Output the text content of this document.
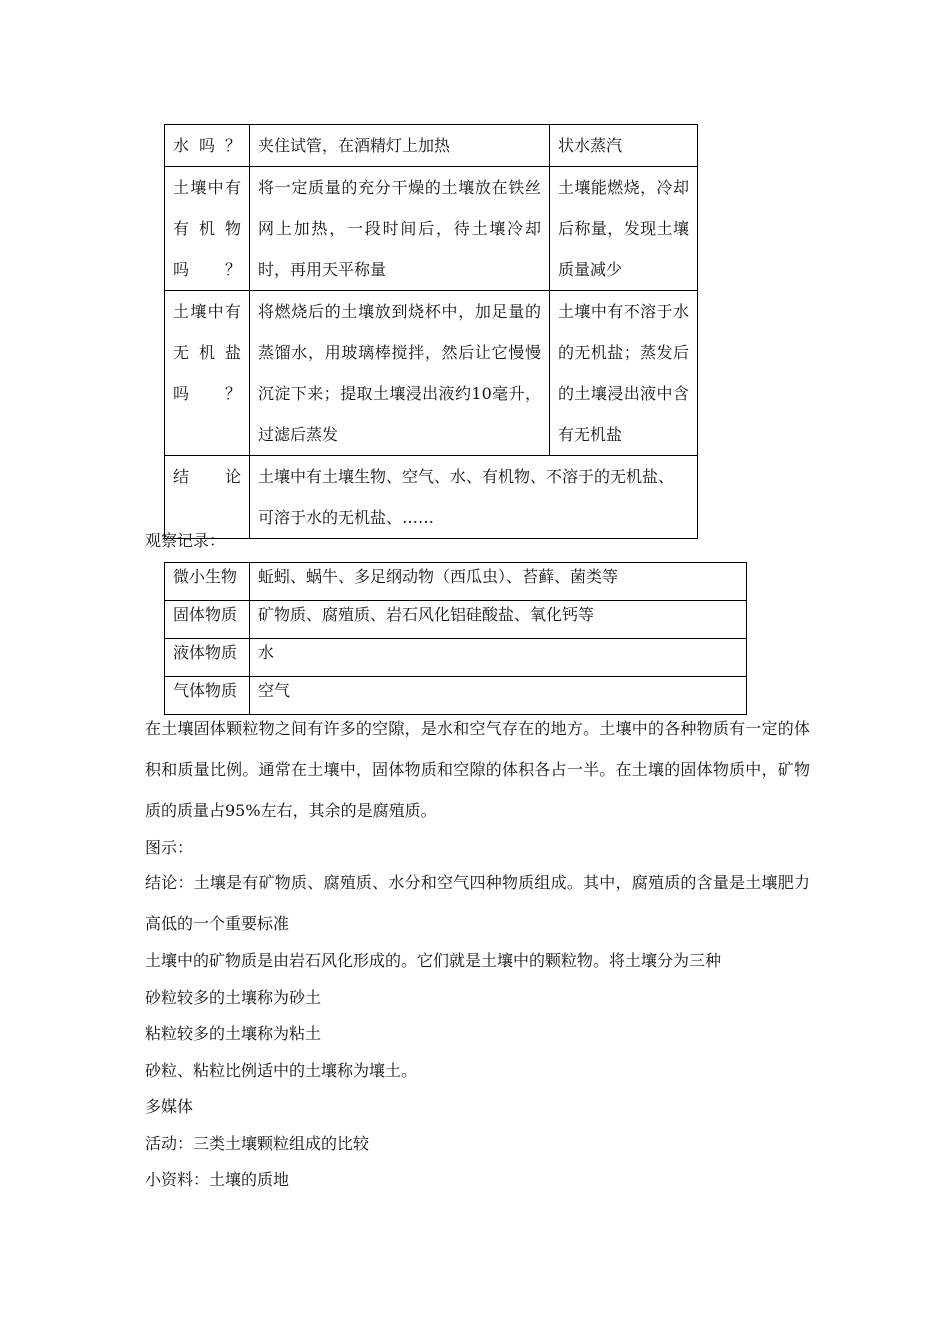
水吗？	夹住试管，在酒精灯上加热	状水蒸汽
土壤中有有机物吗？	将一定质量的充分干燥的土壤放在铁丝网上加热，一段时间后，待土壤冷却时，再用天平称量	土壤能燃烧，冷却后称量，发现土壤质量减少
土壤中有无机盐吗？	将燃烧后的土壤放到烧杯中，加足量的蒸馏水，用玻璃棒搅拌，然后让它慢慢沉淀下来；提取土壤浸出液约10毫升，过滤后蒸发	土壤中有不溶于水的无机盐；蒸发后的土壤浸出液中含有无机盐
结　论	土壤中有土壤生物、空气、水、有机物、不溶于的无机盐、可溶于水的无机盐、……	
观察记录：
微小生物	蚯蚓、蜗牛、多足纲动物（西瓜虫）、苔藓、菌类等
固体物质	矿物质、腐殖质、岩石风化铝硅酸盐、氧化钙等
液体物质	水
气体物质	空气
在土壤固体颗粒物之间有许多的空隙，是水和空气存在的地方。土壤中的各种物质有一定的体积和质量比例。通常在土壤中，固体物质和空隙的体积各占一半。在土壤的固体物质中，矿物质的质量占95%左右，其余的是腐殖质。
图示：
结论：土壤是有矿物质、腐殖质、水分和空气四种物质组成。其中，腐殖质的含量是土壤肥力高低的一个重要标准
土壤中的矿物质是由岩石风化形成的。它们就是土壤中的颗粒物。将土壤分为三种
砂粒较多的土壤称为砂土
粘粒较多的土壤称为粘土
砂粒、粘粒比例适中的土壤称为壤土。
多媒体
活动：三类土壤颗粒组成的比较
小资料：土壤的质地
